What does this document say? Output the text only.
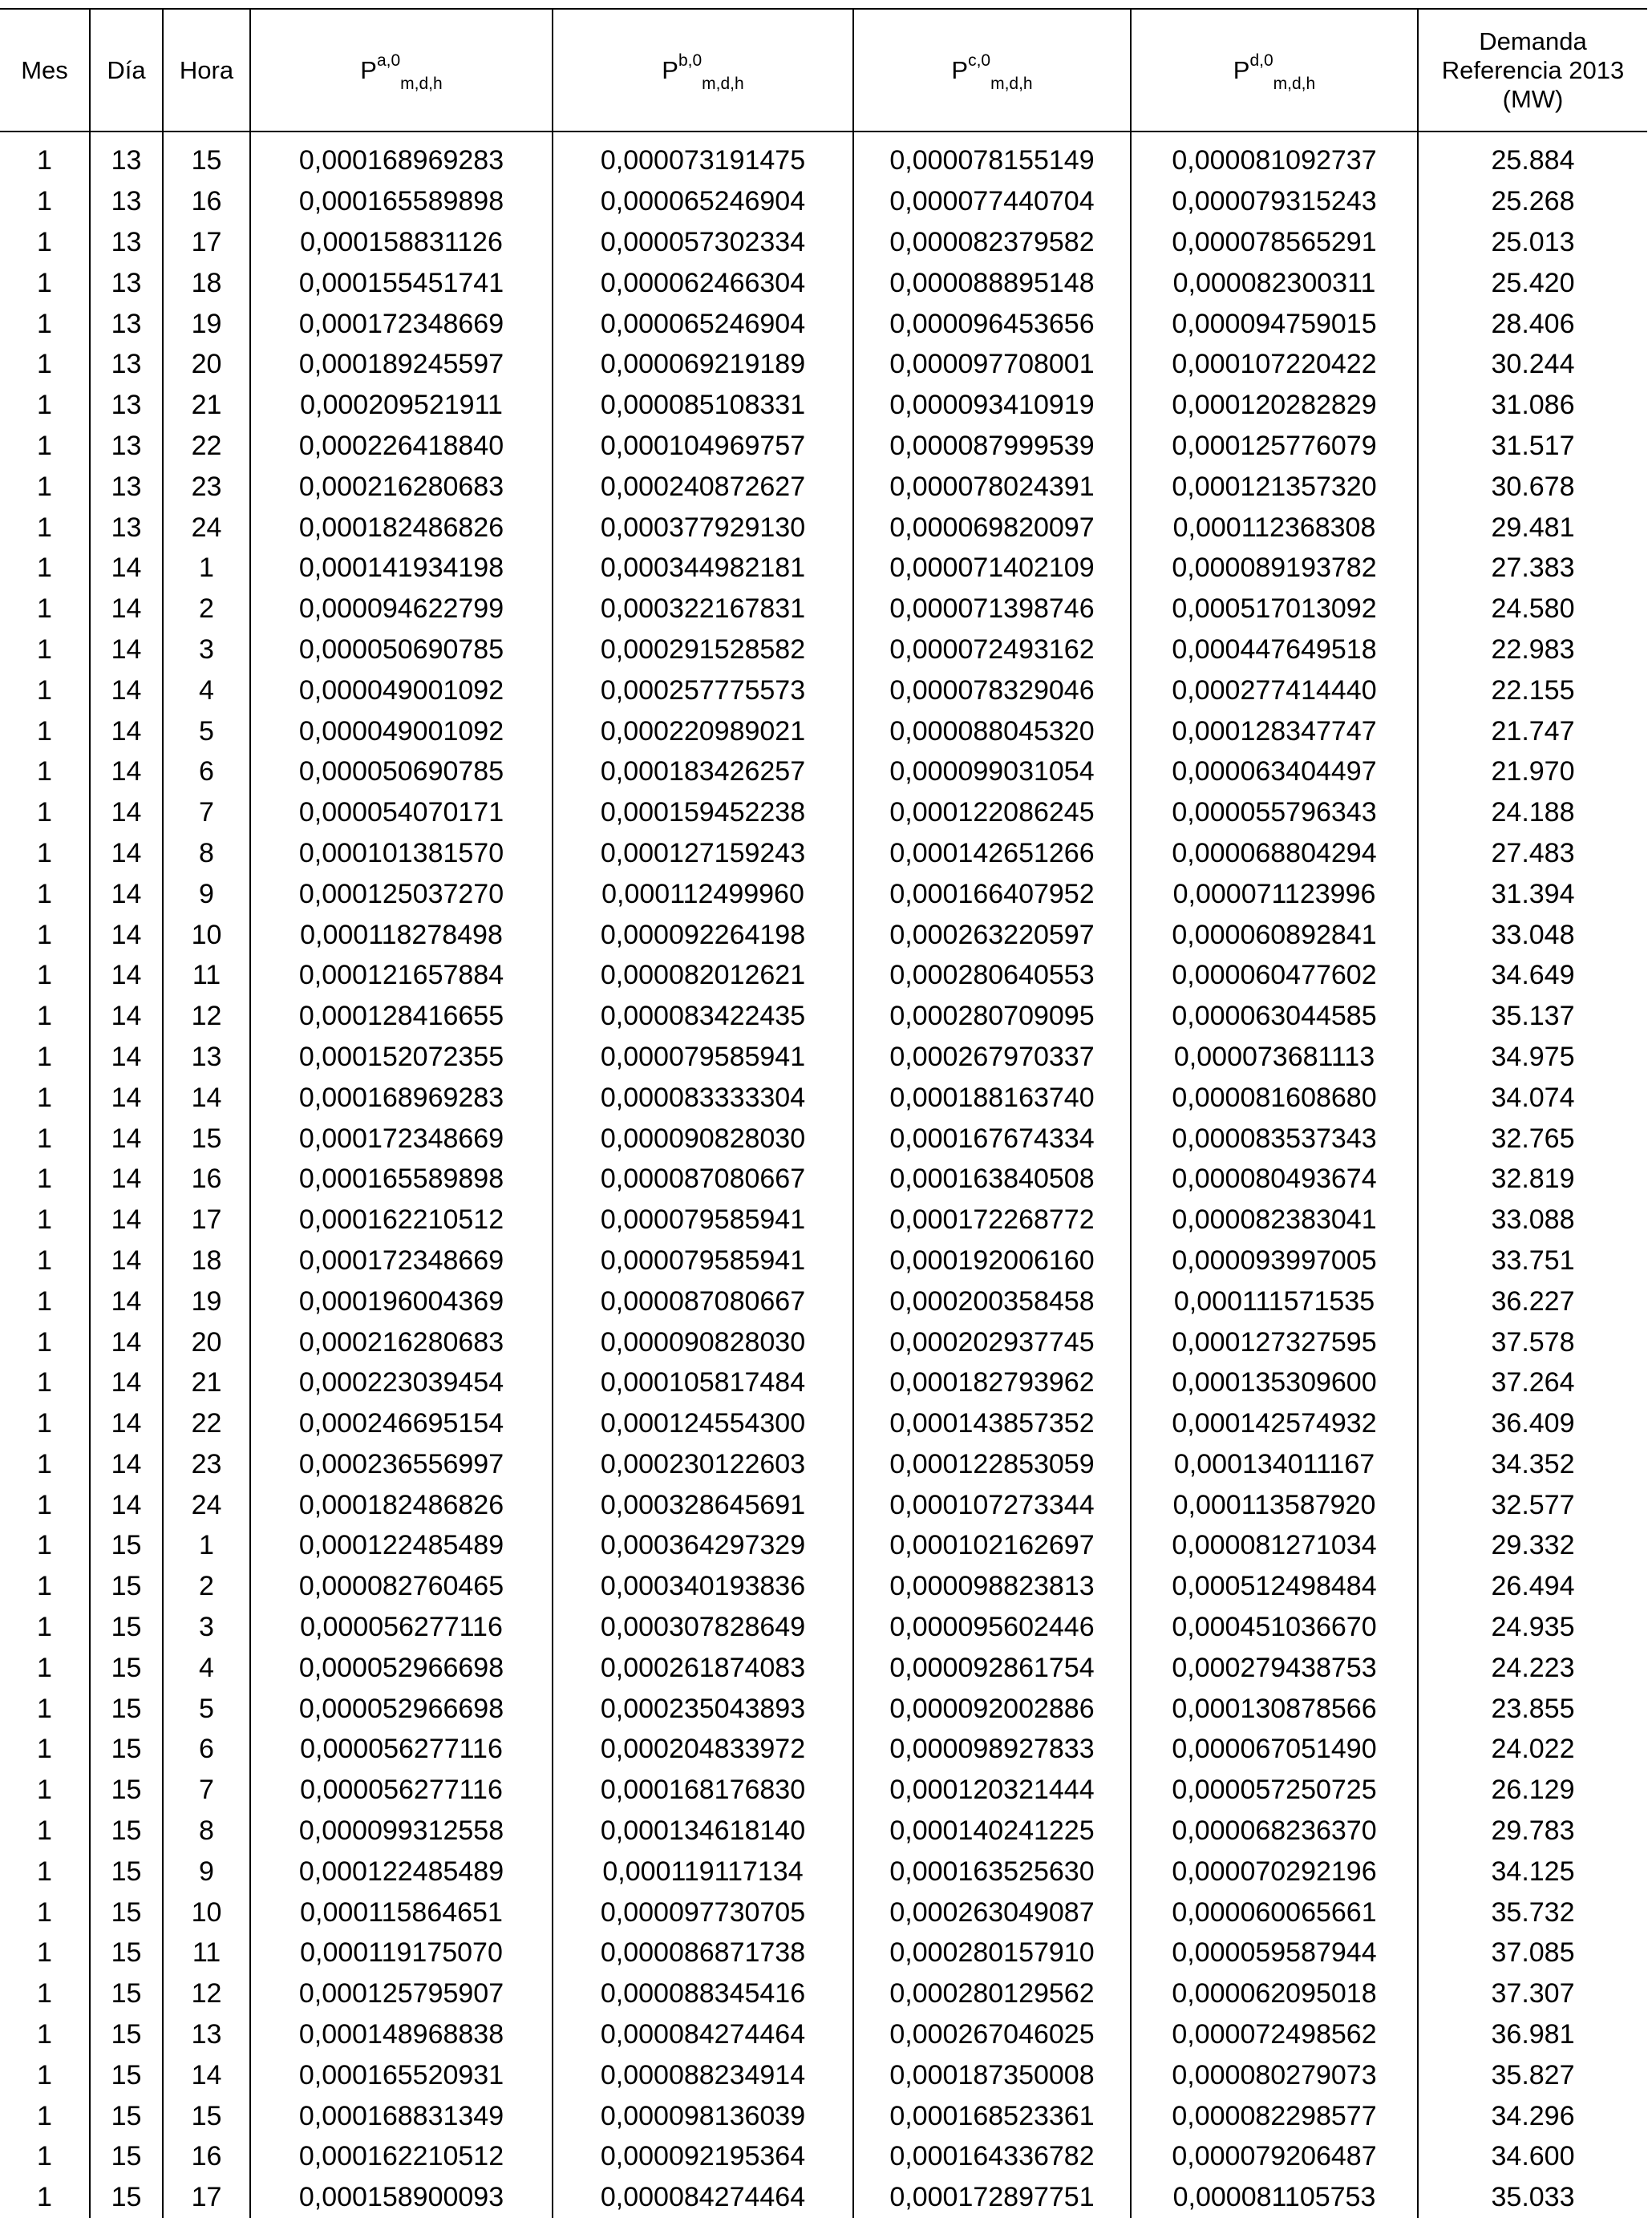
Mes	Día	Hora	P$^{a,0}_{m,d,h}$	P$^{b,0}_{m,d,h}$	P$^{c,0}_{m,d,h}$	P$^{d,0}_{m,d,h}$	Demanda
Referencia 2013
(MW)

1	13	15	0,000168969283	0,000073191475	0,000078155149	0,000081092737	25.884
1	13	16	0,000165589898	0,000065246904	0,000077440704	0,000079315243	25.268
1	13	17	0,000158831126	0,000057302334	0,000082379582	0,000078565291	25.013
1	13	18	0,000155451741	0,000062466304	0,000088895148	0,000082300311	25.420
1	13	19	0,000172348669	0,000065246904	0,000096453656	0,000094759015	28.406
1	13	20	0,000189245597	0,000069219189	0,000097708001	0,000107220422	30.244
1	13	21	0,000209521911	0,000085108331	0,000093410919	0,000120282829	31.086
1	13	22	0,000226418840	0,000104969757	0,000087999539	0,000125776079	31.517
1	13	23	0,000216280683	0,000240872627	0,000078024391	0,000121357320	30.678
1	13	24	0,000182486826	0,000377929130	0,000069820097	0,000112368308	29.481
1	14	1	0,000141934198	0,000344982181	0,000071402109	0,000089193782	27.383
1	14	2	0,000094622799	0,000322167831	0,000071398746	0,000517013092	24.580
1	14	3	0,000050690785	0,000291528582	0,000072493162	0,000447649518	22.983
1	14	4	0,000049001092	0,000257775573	0,000078329046	0,000277414440	22.155
1	14	5	0,000049001092	0,000220989021	0,000088045320	0,000128347747	21.747
1	14	6	0,000050690785	0,000183426257	0,000099031054	0,000063404497	21.970
1	14	7	0,000054070171	0,000159452238	0,000122086245	0,000055796343	24.188
1	14	8	0,000101381570	0,000127159243	0,000142651266	0,000068804294	27.483
1	14	9	0,000125037270	0,000112499960	0,000166407952	0,000071123996	31.394
1	14	10	0,000118278498	0,000092264198	0,000263220597	0,000060892841	33.048
1	14	11	0,000121657884	0,000082012621	0,000280640553	0,000060477602	34.649
1	14	12	0,000128416655	0,000083422435	0,000280709095	0,000063044585	35.137
1	14	13	0,000152072355	0,000079585941	0,000267970337	0,000073681113	34.975
1	14	14	0,000168969283	0,000083333304	0,000188163740	0,000081608680	34.074
1	14	15	0,000172348669	0,000090828030	0,000167674334	0,000083537343	32.765
1	14	16	0,000165589898	0,000087080667	0,000163840508	0,000080493674	32.819
1	14	17	0,000162210512	0,000079585941	0,000172268772	0,000082383041	33.088
1	14	18	0,000172348669	0,000079585941	0,000192006160	0,000093997005	33.751
1	14	19	0,000196004369	0,000087080667	0,000200358458	0,000111571535	36.227
1	14	20	0,000216280683	0,000090828030	0,000202937745	0,000127327595	37.578
1	14	21	0,000223039454	0,000105817484	0,000182793962	0,000135309600	37.264
1	14	22	0,000246695154	0,000124554300	0,000143857352	0,000142574932	36.409
1	14	23	0,000236556997	0,000230122603	0,000122853059	0,000134011167	34.352
1	14	24	0,000182486826	0,000328645691	0,000107273344	0,000113587920	32.577
1	15	1	0,000122485489	0,000364297329	0,000102162697	0,000081271034	29.332
1	15	2	0,000082760465	0,000340193836	0,000098823813	0,000512498484	26.494
1	15	3	0,000056277116	0,000307828649	0,000095602446	0,000451036670	24.935
1	15	4	0,000052966698	0,000261874083	0,000092861754	0,000279438753	24.223
1	15	5	0,000052966698	0,000235043893	0,000092002886	0,000130878566	23.855
1	15	6	0,000056277116	0,000204833972	0,000098927833	0,000067051490	24.022
1	15	7	0,000056277116	0,000168176830	0,000120321444	0,000057250725	26.129
1	15	8	0,000099312558	0,000134618140	0,000140241225	0,000068236370	29.783
1	15	9	0,000122485489	0,000119117134	0,000163525630	0,000070292196	34.125
1	15	10	0,000115864651	0,000097730705	0,000263049087	0,000060065661	35.732
1	15	11	0,000119175070	0,000086871738	0,000280157910	0,000059587944	37.085
1	15	12	0,000125795907	0,000088345416	0,000280129562	0,000062095018	37.307
1	15	13	0,000148968838	0,000084274464	0,000267046025	0,000072498562	36.981
1	15	14	0,000165520931	0,000088234914	0,000187350008	0,000080279073	35.827
1	15	15	0,000168831349	0,000098136039	0,000168523361	0,000082298577	34.296
1	15	16	0,000162210512	0,000092195364	0,000164336782	0,000079206487	34.600
1	15	17	0,000158900093	0,000084274464	0,000172897751	0,000081105753	35.033
